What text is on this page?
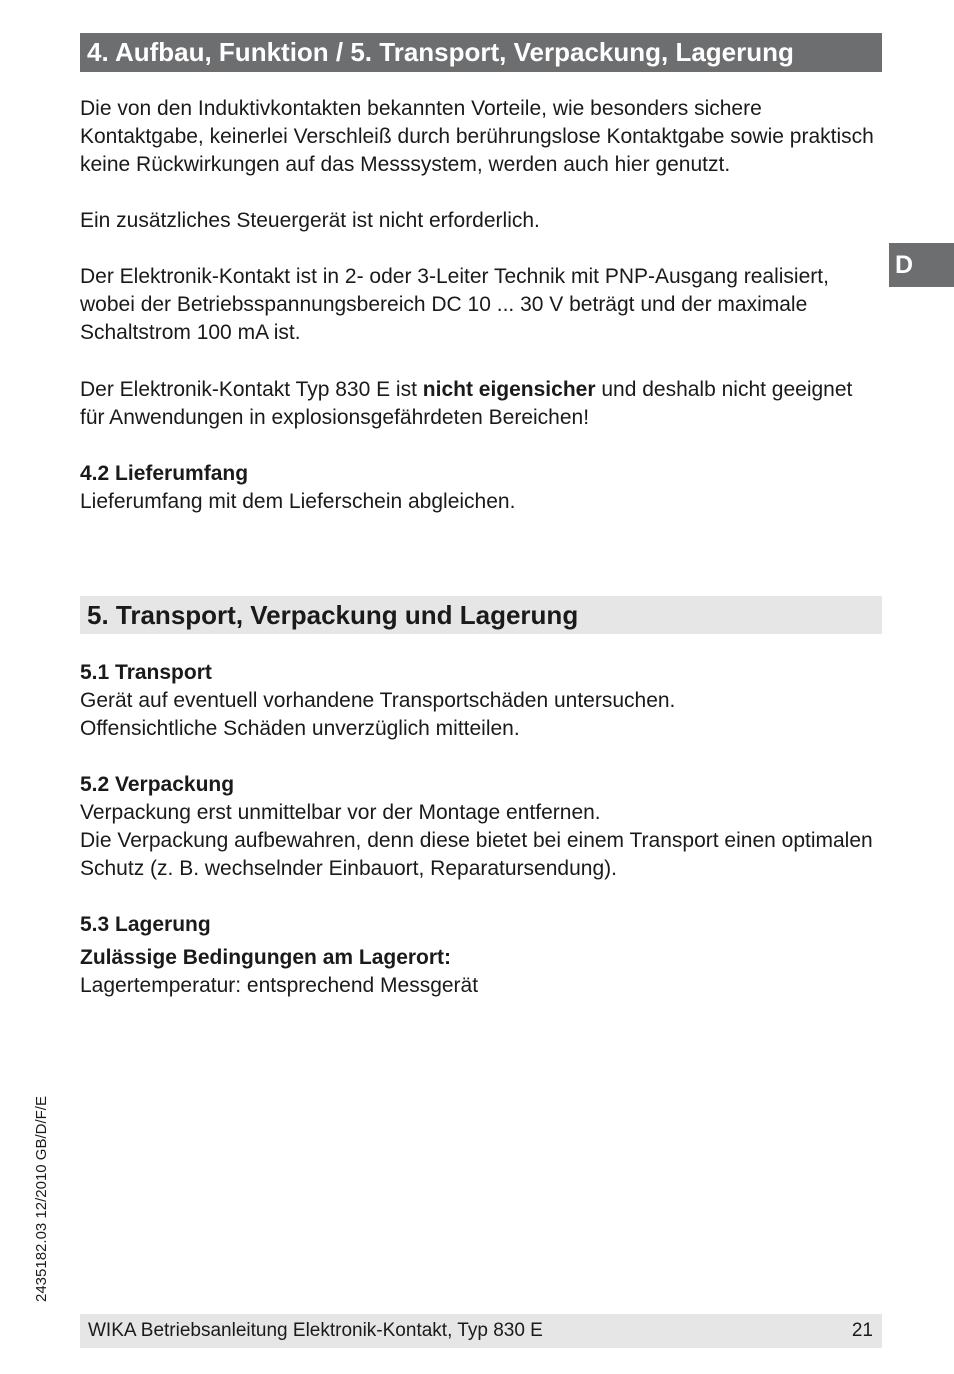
4. Aufbau, Funktion / 5. Transport, Verpackung, Lagerung
D

Die von den Induktivkontakten bekannten Vorteile, wie besonders sichere Kontaktgabe, keinerlei Verschleiß durch berührungslose Kontaktgabe sowie praktisch keine Rückwirkungen auf das Messsystem, werden auch hier genutzt.

Ein zusätzliches Steuergerät ist nicht erforderlich.

Der Elektronik-Kontakt ist in 2- oder 3-Leiter Technik mit PNP-Ausgang realisiert, wobei der Betriebsspannungsbereich DC 10 ... 30 V beträgt und der maximale Schaltstrom 100 mA ist.

Der Elektronik-Kontakt Typ 830 E ist nicht eigensicher und deshalb nicht geeignet für Anwendungen in explosionsgefährdeten Bereichen!

4.2 Lieferumfang

Lieferumfang mit dem Lieferschein abgleichen.

5. Transport, Verpackung und Lagerung

5.1 Transport

Gerät auf eventuell vorhandene Transportschäden untersuchen.

Offensichtliche Schäden unverzüglich mitteilen.

5.2 Verpackung

Verpackung erst unmittelbar vor der Montage entfernen.

Die Verpackung aufbewahren, denn diese bietet bei einem Transport einen optimalen Schutz (z. B. wechselnder Einbauort, Reparatursendung).

5.3 Lagerung

Zulässige Bedingungen am Lagerort:

Lagertemperatur: entsprechend Messgerät

2435182.03 12/2010 GB/D/F/E
WIKA Betriebsanleitung Elektronik-Kontakt, Typ 830 E	21
